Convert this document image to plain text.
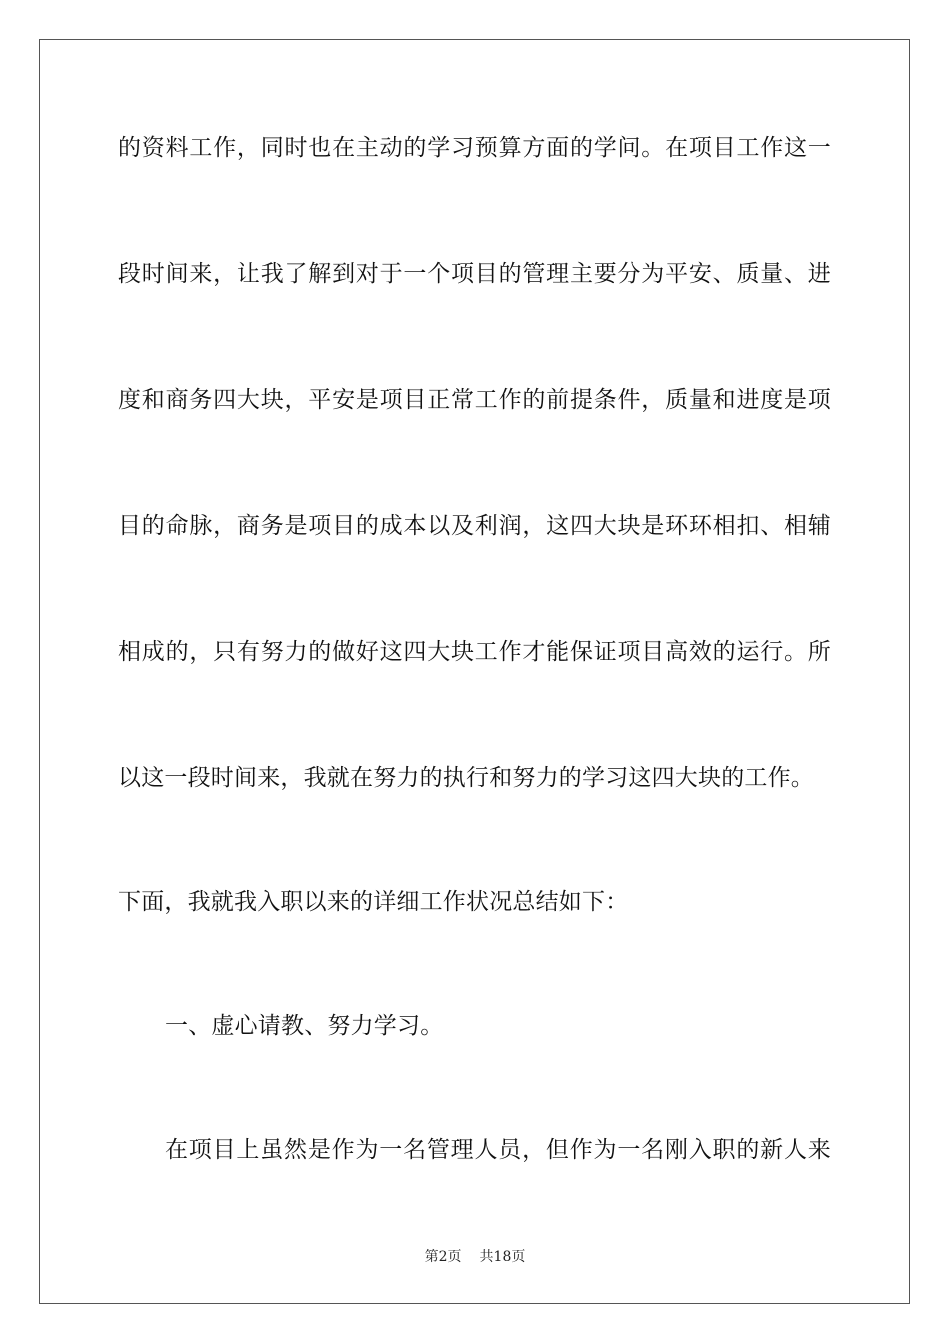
的资料工作，同时也在主动的学习预算方面的学问。在项目工作这一
段时间来，让我了解到对于一个项目的管理主要分为平安、质量、进
度和商务四大块，平安是项目正常工作的前提条件，质量和进度是项
目的命脉，商务是项目的成本以及利润，这四大块是环环相扣、相辅
相成的，只有努力的做好这四大块工作才能保证项目高效的运行。所
以这一段时间来，我就在努力的执行和努力的学习这四大块的工作。
下面，我就我入职以来的详细工作状况总结如下：
一、虚心请教、努力学习。
在项目上虽然是作为一名管理人员，但作为一名刚入职的新人来
第2页 共18页
